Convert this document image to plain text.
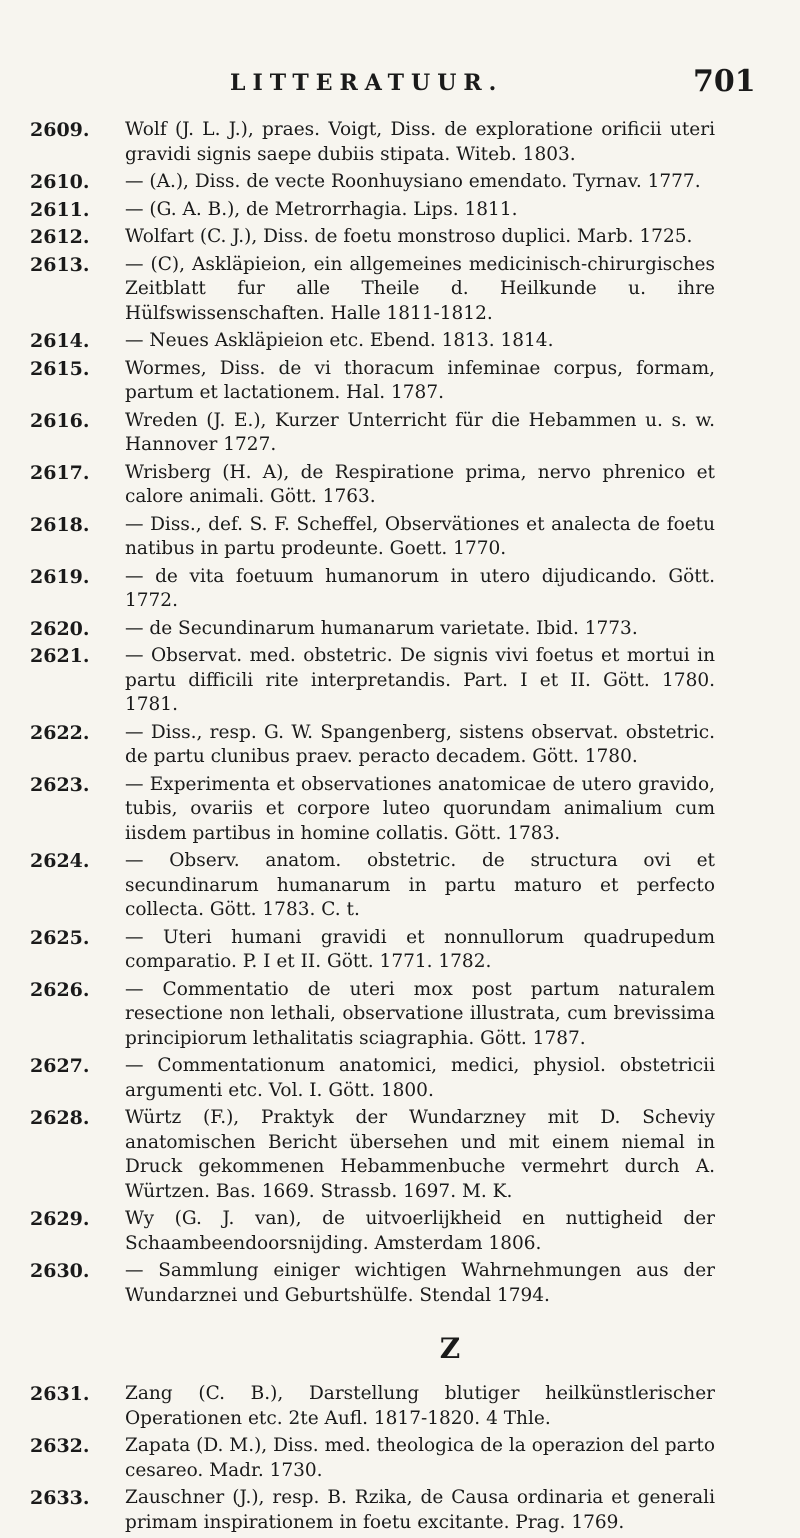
LITTERATUUR.	701
2609.	Wolf (J. L. J.), praes. Voigt, Diss. de exploratione orificii uteri gravidi signis saepe dubiis stipata. Witeb. 1803.
2610.	— (A.), Diss. de vecte Roonhuysiano emendato. Tyrnav. 1777.
2611.	— (G. A. B.), de Metrorrhagia. Lips. 1811.
2612.	Wolfart (C. J.), Diss. de foetu monstroso duplici. Marb. 1725.
2613.	— (C), Askläpieion, ein allgemeines medicinisch-chirurgisches Zeitblatt fur alle Theile d. Heilkunde u. ihre Hülfswissenschaften. Halle 1811-1812.
2614.	— Neues Askläpieion etc. Ebend. 1813. 1814.
2615.	Wormes, Diss. de vi thoracum infeminae corpus, formam, partum et lactationem. Hal. 1787.
2616.	Wreden (J. E.), Kurzer Unterricht für die Hebammen u. s. w. Hannover 1727.
2617.	Wrisberg (H. A), de Respiratione prima, nervo phrenico et calore animali. Gött. 1763.
2618.	— Diss., def. S. F. Scheffel, Observätiones et analecta de foetu natibus in partu prodeunte. Goett. 1770.
2619.	— de vita foetuum humanorum in utero dijudicando. Gött. 1772.
2620.	— de Secundinarum humanarum varietate. Ibid. 1773.
2621.	— Observat. med. obstetric. De signis vivi foetus et mortui in partu difficili rite interpretandis. Part. I et II. Gött. 1780. 1781.
2622.	— Diss., resp. G. W. Spangenberg, sistens observat. obstetric. de partu clunibus praev. peracto decadem. Gött. 1780.
2623.	— Experimenta et observationes anatomicae de utero gravido, tubis, ovariis et corpore luteo quorundam animalium cum iisdem partibus in homine collatis. Gött. 1783.
2624.	— Observ. anatom. obstetric. de structura ovi et secundinarum humanarum in partu maturo et perfecto collecta. Gött. 1783. C. t.
2625.	— Uteri humani gravidi et nonnullorum quadrupedum comparatio. P. I et II. Gött. 1771. 1782.
2626.	— Commentatio de uteri mox post partum naturalem resectione non lethali, observatione illustrata, cum brevissima principiorum lethalitatis sciagraphia. Gött. 1787.
2627.	— Commentationum anatomici, medici, physiol. obstetricii argumenti etc. Vol. I. Gött. 1800.
2628.	Würtz (F.), Praktyk der Wundarzney mit D. Scheviy anatomischen Bericht übersehen und mit einem niemal in Druck gekommenen Hebammenbuche vermehrt durch A. Würtzen. Bas. 1669. Strassb. 1697. M. K.
2629.	Wy (G. J. van), de uitvoerlijkheid en nuttigheid der Schaambeendoorsnijding. Amsterdam 1806.
2630.	— Sammlung einiger wichtigen Wahrnehmungen aus der Wundarznei und Geburtshülfe. Stendal 1794.
Z
2631.	Zang (C. B.), Darstellung blutiger heilkünstlerischer Operationen etc. 2te Aufl. 1817-1820. 4 Thle.
2632.	Zapata (D. M.), Diss. med. theologica de la operazion del parto cesareo. Madr. 1730.
2633.	Zauschner (J.), resp. B. Rzika, de Causa ordinaria et generali primam inspirationem in foetu excitante. Prag. 1769.
